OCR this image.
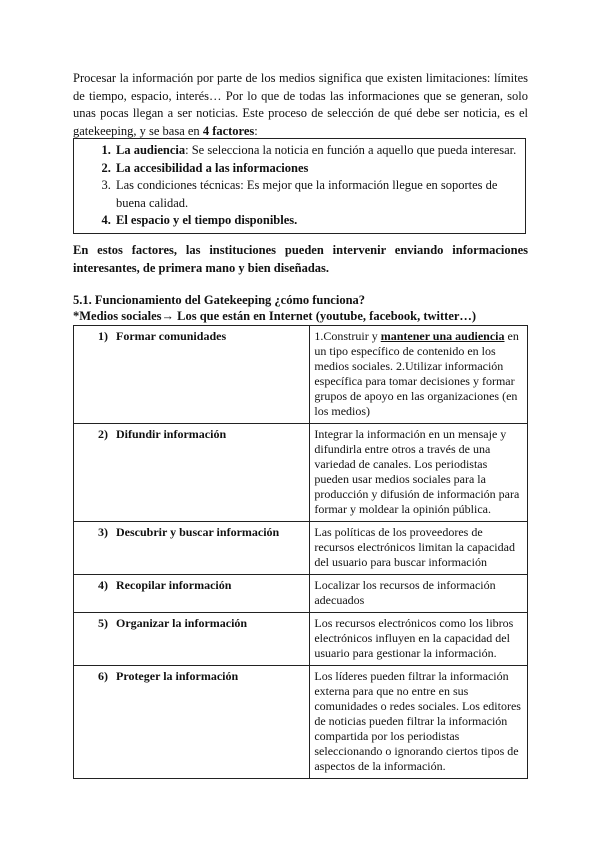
Procesar la información por parte de los medios significa que existen limitaciones: límites de tiempo, espacio, interés… Por lo que de todas las informaciones que se generan, solo unas pocas llegan a ser noticias. Este proceso de selección de qué debe ser noticia, es el gatekeeping, y se basa en 4 factores:

1. La audiencia: Se selecciona la noticia en función a aquello que pueda interesar.
2. La accesibilidad a las informaciones
3. Las condiciones técnicas: Es mejor que la información llegue en soportes de buena calidad.
4. El espacio y el tiempo disponibles.

En estos factores, las instituciones pueden intervenir enviando informaciones interesantes, de primera mano y bien diseñadas.

5.1. Funcionamiento del Gatekeeping ¿cómo funciona?
*Medios sociales→ Los que están en Internet (youtube, facebook, twitter…)
1) Formar comunidades	1.Construir y mantener una audiencia en un tipo específico de contenido en los medios sociales. 2.Utilizar información específica para tomar decisiones y formar grupos de apoyo en las organizaciones (en los medios)
2) Difundir información	Integrar la información en un mensaje y difundirla entre otros a través de una variedad de canales. Los periodistas pueden usar medios sociales para la producción y difusión de información para formar y moldear la opinión pública.
3) Descubrir y buscar información	Las políticas de los proveedores de recursos electrónicos limitan la capacidad del usuario para buscar información
4) Recopilar información	Localizar los recursos de información adecuados
5) Organizar la información	Los recursos electrónicos como los libros electrónicos influyen en la capacidad del usuario para gestionar la información.
6) Proteger la información	Los líderes pueden filtrar la información externa para que no entre en sus comunidades o redes sociales. Los editores de noticias pueden filtrar la información compartida por los periodistas seleccionando o ignorando ciertos tipos de aspectos de la información.
